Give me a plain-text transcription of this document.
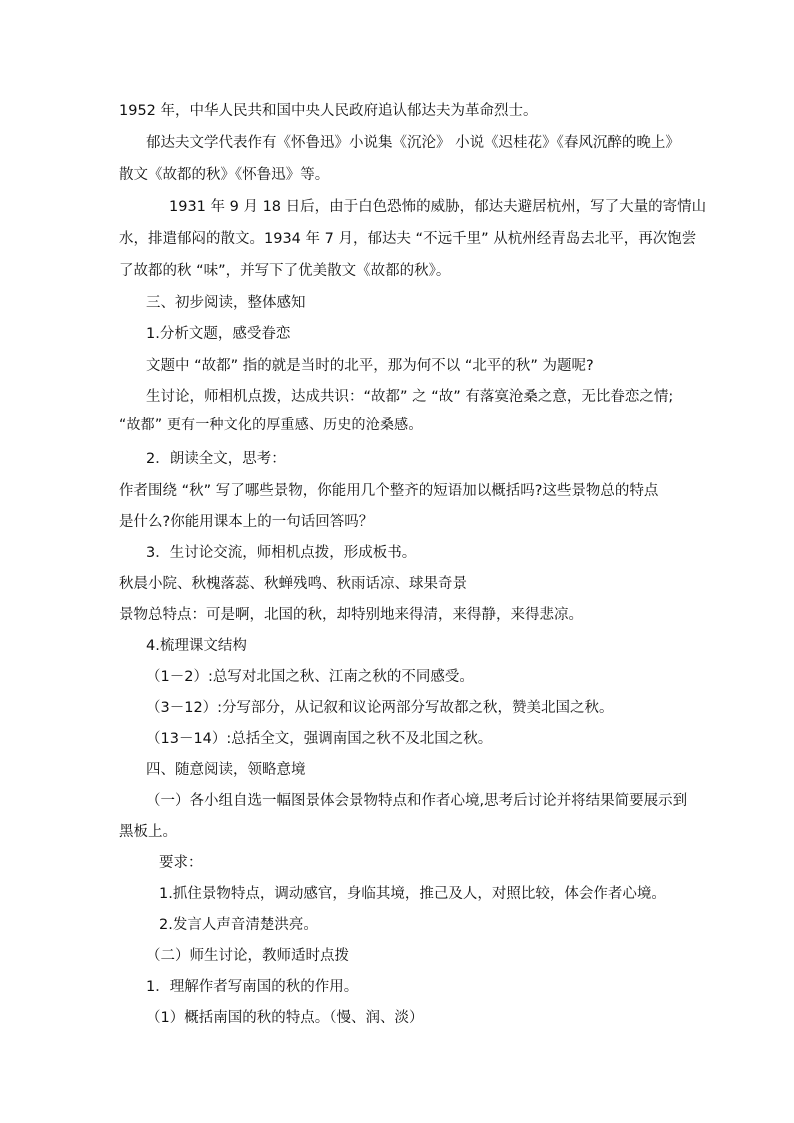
1952 年，中华人民共和国中央人民政府追认郁达夫为革命烈士。

郁达夫文学代表作有《怀鲁迅》小说集《沉沦》 小说《迟桂花》《春风沉醉的晚上》

散文《故都的秋》《怀鲁迅》等。

1931 年 9 月 18 日后，由于白色恐怖的威胁，郁达夫避居杭州，写了大量的寄情山

水，排遣郁闷的散文。1934 年 7 月，郁达夫 “不远千里” 从杭州经青岛去北平，再次饱尝

了故都的秋 “味”，并写下了优美散文《故都的秋》。

三、初步阅读，整体感知

1.分析文题，感受眷恋

文题中 “故都” 指的就是当时的北平，那为何不以 “北平的秋” 为题呢?

生讨论，师相机点拨，达成共识：“故都” 之 “故” 有落寞沧桑之意，无比眷恋之情;

“故都” 更有一种文化的厚重感、历史的沧桑感。

2．朗读全文，思考：

作者围绕 “秋” 写了哪些景物，你能用几个整齐的短语加以概括吗?这些景物总的特点

是什么?你能用课本上的一句话回答吗？

3．生讨论交流，师相机点拨，形成板书。

秋晨小院、秋槐落蕊、秋蝉残鸣、秋雨话凉、球果奇景

景物总特点：可是啊，北国的秋，却特别地来得清，来得静，来得悲凉。

4.梳理课文结构

（1－2）:总写对北国之秋、江南之秋的不同感受。

（3－12）:分写部分，从记叙和议论两部分写故都之秋，赞美北国之秋。

（13－14）:总括全文，强调南国之秋不及北国之秋。

四、随意阅读，领略意境

（一）各小组自选一幅图景体会景物特点和作者心境,思考后讨论并将结果简要展示到

黑板上。

要求：

1.抓住景物特点，调动感官，身临其境，推己及人，对照比较，体会作者心境。

2.发言人声音清楚洪亮。

（二）师生讨论，教师适时点拨

1．理解作者写南国的秋的作用。

（1）概括南国的秋的特点。（慢、润、淡）
